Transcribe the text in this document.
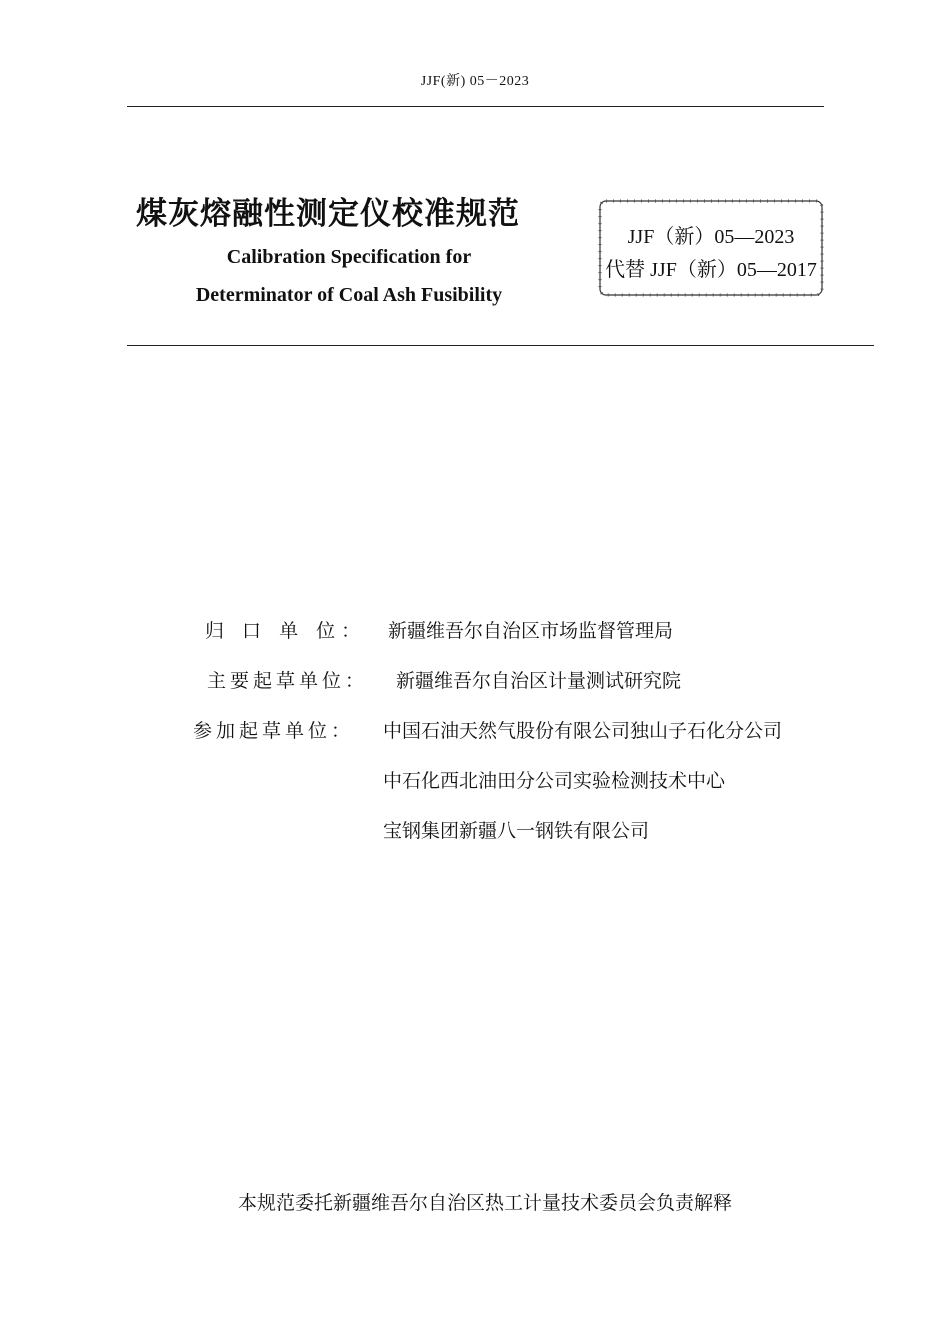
JJF(新) 05－2023
煤灰熔融性测定仪校准规范
Calibration Specification for
Determinator of Coal Ash Fusibility
JJF（新）05—2023
代替 JJF（新）05—2017
归 口 单 位： 新疆维吾尔自治区市场监督管理局
主要起草单位： 新疆维吾尔自治区计量测试研究院
参加起草单位： 中国石油天然气股份有限公司独山子石化分公司
中石化西北油田分公司实验检测技术中心
宝钢集团新疆八一钢铁有限公司
本规范委托新疆维吾尔自治区热工计量技术委员会负责解释
